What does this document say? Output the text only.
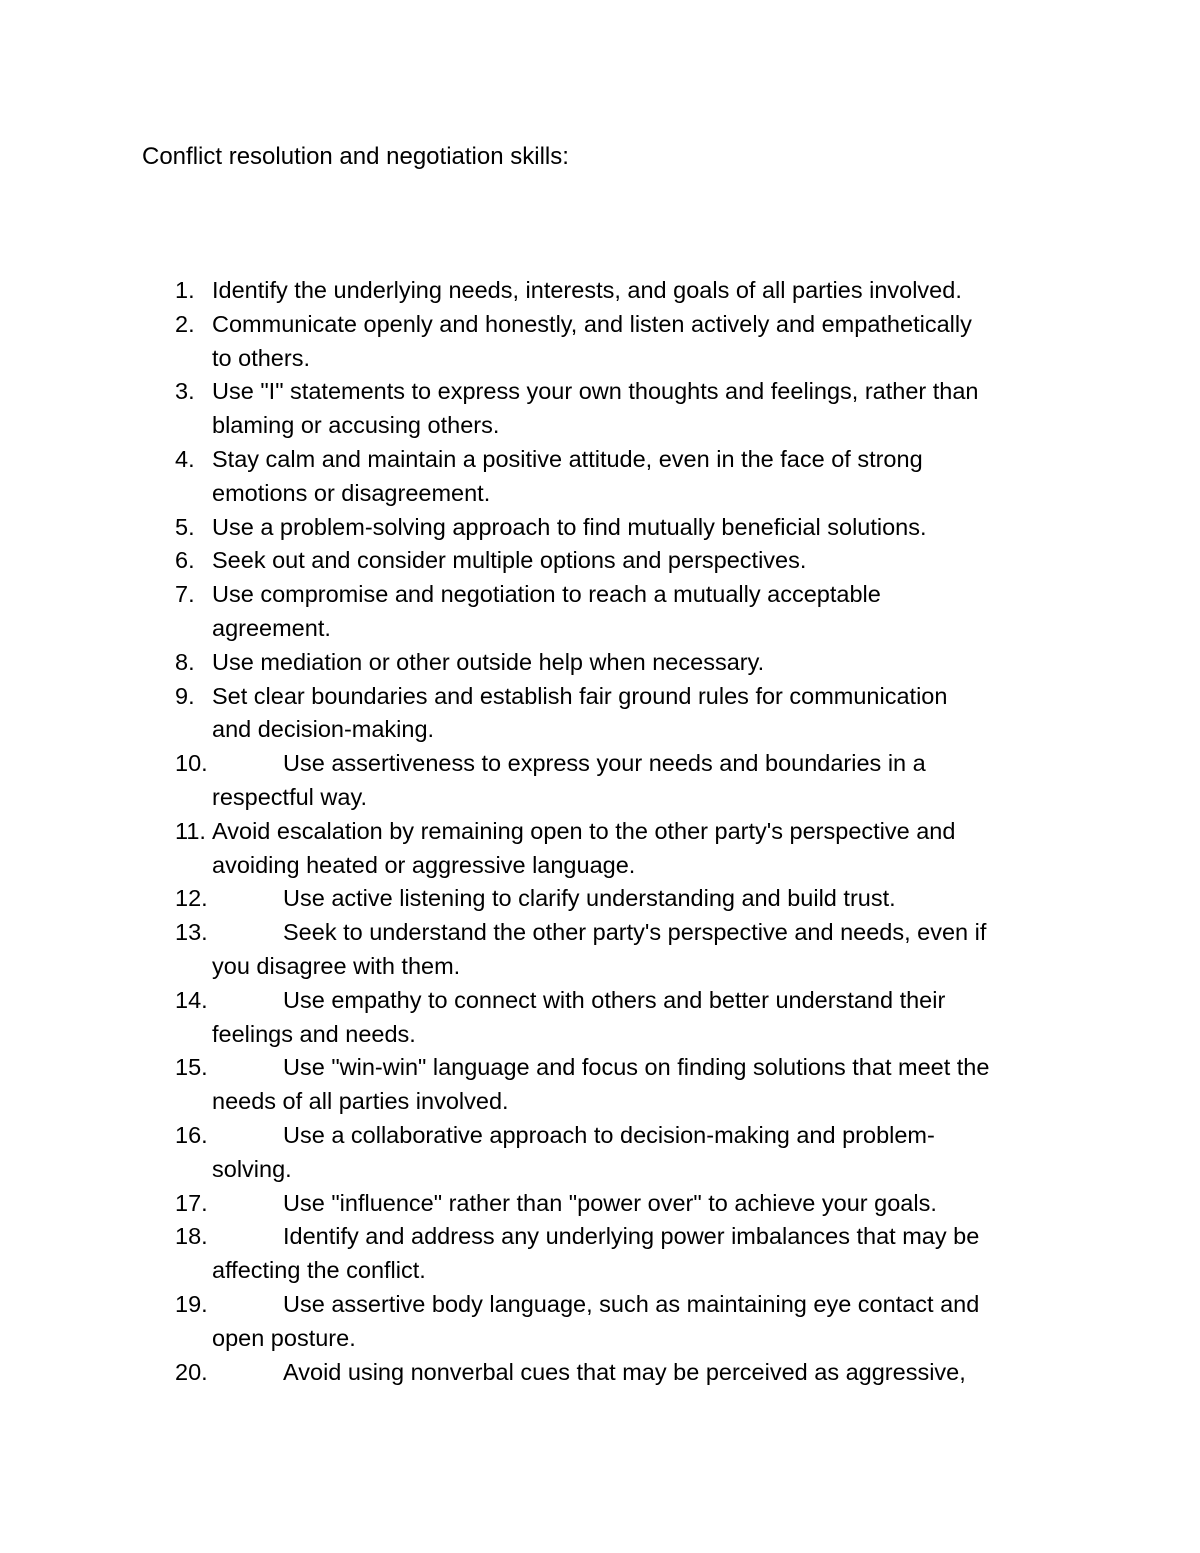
Conflict resolution and negotiation skills:
1. Identify the underlying needs, interests, and goals of all parties involved.
2. Communicate openly and honestly, and listen actively and empathetically
to others.
3. Use "I" statements to express your own thoughts and feelings, rather than
blaming or accusing others.
4. Stay calm and maintain a positive attitude, even in the face of strong
emotions or disagreement.
5. Use a problem-solving approach to find mutually beneficial solutions.
6. Seek out and consider multiple options and perspectives.
7. Use compromise and negotiation to reach a mutually acceptable
agreement.
8. Use mediation or other outside help when necessary.
9. Set clear boundaries and establish fair ground rules for communication
and decision-making.
10.	Use assertiveness to express your needs and boundaries in a
respectful way.
11. Avoid escalation by remaining open to the other party's perspective and
avoiding heated or aggressive language.
12.	Use active listening to clarify understanding and build trust.
13.	Seek to understand the other party's perspective and needs, even if
you disagree with them.
14.	Use empathy to connect with others and better understand their
feelings and needs.
15.	Use "win-win" language and focus on finding solutions that meet the
needs of all parties involved.
16.	Use a collaborative approach to decision-making and problem-
solving.
17.	Use "influence" rather than "power over" to achieve your goals.
18.	Identify and address any underlying power imbalances that may be
affecting the conflict.
19.	Use assertive body language, such as maintaining eye contact and
open posture.
20.	Avoid using nonverbal cues that may be perceived as aggressive,
